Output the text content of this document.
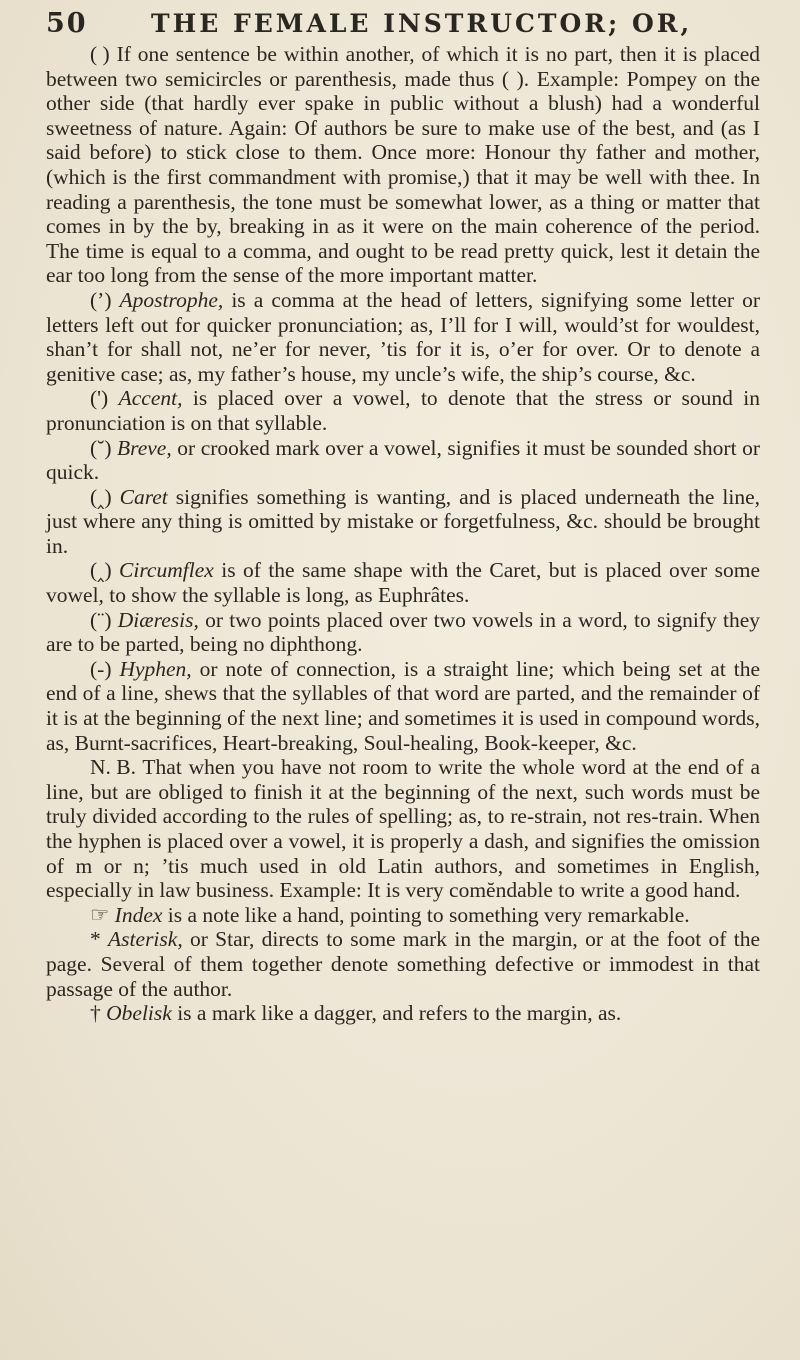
50	THE FEMALE INSTRUCTOR; OR,

( ) If one sentence be within another, of which it is no part, then it is placed between two semicircles or parenthesis, made thus ( ). Example: Pompey on the other side (that hardly ever spake in public without a blush) had a wonderful sweetness of nature. Again: Of authors be sure to make use of the best, and (as I said before) to stick close to them. Once more: Honour thy father and mother, (which is the first commandment with promise,) that it may be well with thee. In reading a parenthesis, the tone must be somewhat lower, as a thing or matter that comes in by the by, breaking in as it were on the main coherence of the period. The time is equal to a comma, and ought to be read pretty quick, lest it detain the ear too long from the sense of the more important matter.

(’) Apostrophe, is a comma at the head of letters, signifying some letter or letters left out for quicker pronunciation; as, I’ll for I will, would’st for wouldest, shan’t for shall not, ne’er for never, ’tis for it is, o’er for over. Or to denote a genitive case; as, my father’s house, my uncle’s wife, the ship’s course, &c.

(') Accent, is placed over a vowel, to denote that the stress or sound in pronunciation is on that syllable.

(˘) Breve, or crooked mark over a vowel, signifies it must be sounded short or quick.

(‸) Caret signifies something is wanting, and is placed underneath the line, just where any thing is omitted by mistake or forgetfulness, &c. should be brought in.

(‸) Circumflex is of the same shape with the Caret, but is placed over some vowel, to show the syllable is long, as Euphrâtes.

(¨) Diæresis, or two points placed over two vowels in a word, to signify they are to be parted, being no diphthong.

(-) Hyphen, or note of connection, is a straight line; which being set at the end of a line, shews that the syllables of that word are parted, and the remainder of it is at the beginning of the next line; and sometimes it is used in compound words, as, Burnt-sacrifices, Heart-breaking, Soul-healing, Book-keeper, &c.

N. B. That when you have not room to write the whole word at the end of a line, but are obliged to finish it at the beginning of the next, such words must be truly divided according to the rules of spelling; as, to re-strain, not res-train. When the hyphen is placed over a vowel, it is properly a dash, and signifies the omission of m or n; ’tis much used in old Latin authors, and sometimes in English, especially in law business. Example: It is very comĕndable to write a good hand.

☞ Index is a note like a hand, pointing to something very remarkable.

* Asterisk, or Star, directs to some mark in the margin, or at the foot of the page. Several of them together denote something defective or immodest in that passage of the author.

† Obelisk is a mark like a dagger, and refers to the margin, as.
